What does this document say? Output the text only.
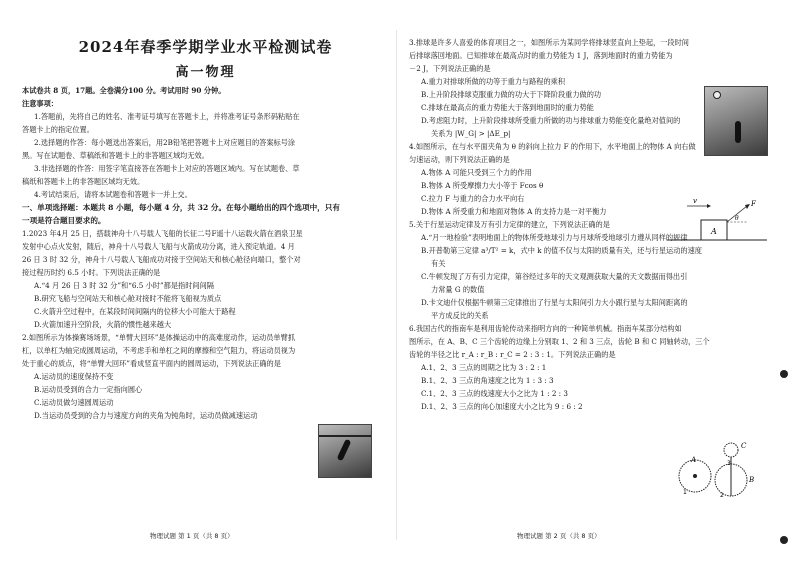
2024年春季学期学业水平检测试卷

高一物理

本试卷共 8 页，17题。全卷满分100 分。考试用时 90 分钟。

注意事项：

1.答题前，先将自己的姓名、准考证号填写在答题卡上，并将准考证号条形码粘贴在

答题卡上的指定位置。

2.选择题的作答：每小题选出答案后，用2B铅笔把答题卡上对应题目的答案标号涂

黑。写在试题卷、草稿纸和答题卡上的非答题区域均无效。

3.非选择题的作答：用签字笔直接答在答题卡上对应的答题区域内。写在试题卷、草

稿纸和答题卡上的非答题区域均无效。

4.考试结束后，请将本试题卷和答题卡一并上交。

一、单项选择题：本题共 8 小题，每小题 4 分，共 32 分。在每小题给出的四个选项中，只有

一项是符合题目要求的。

1.2023 年4月 25 日，搭载神舟十八号载人飞船的长征二号F遥十八运载火箭在酒泉卫星

发射中心点火发射，随后，神舟十八号载人飞船与火箭成功分离，进入预定轨道。4 月

26 日 3 时 32 分，神舟十八号载人飞船成功对接于空间站天和核心舱径向端口，整个对

接过程历时约 6.5 小时。下列说法正确的是

A.“4 月 26 日 3 时 32 分”和“6.5 小时”都是指时间间隔

B.研究飞船与空间站天和核心舱对接时不能将飞船视为质点

C.火箭升空过程中，在某段时间间隔内的位移大小可能大于路程

D.火箭加速升空阶段，火箭的惯性越来越大

2.如图所示为体操赛场场景，“单臂大回环”是体操运动中的高难度动作，运动员单臂抓

杠，以单杠为轴完成圆周运动，不考虑手和单杠之间的摩擦和空气阻力，将运动员视为

处于重心的质点，将“单臂大回环”看成竖直平面内的圆周运动，下列说法正确的是

A.运动员的速度保持不变

B.运动员受到的合力一定指向圆心

C.运动员做匀速圆周运动

D.当运动员受到的合力与速度方向的夹角为钝角时，运动员做减速运动

物理试题 第 1 页（共 8 页）

3.排球是许多人喜爱的体育项目之一，如图所示为某同学将排球竖直向上垫起，一段时间

后排球落回地面。已知排球在最高点时的重力势能为 1 J，落到地面时的重力势能为

－2 J，下列说法正确的是

A.重力对排球所做的功等于重力与路程的乘积

B.上升阶段排球克服重力做的功大于下降阶段重力做的功

C.排球在最高点的重力势能大于落到地面时的重力势能

D.考虑阻力时，上升阶段排球所受重力所做的功与排球重力势能变化量绝对值间的

关系为 |W_G| > |ΔE_p|

4.如图所示，在与水平面夹角为 θ 的斜向上拉力 F 的作用下，水平地面上的物体 A 向右做

匀速运动，则下列说法正确的是

A.物体 A 可能只受到三个力的作用

B.物体 A 所受摩擦力大小等于 Fcos θ

C.拉力 F 与重力的合力水平向右

D.物体 A 所受重力和地面对物体 A 的支持力是一对平衡力

5.关于行星运动定律及万有引力定律的建立，下列说法正确的是

A.“月一地检验”表明地面上的物体所受地球引力与月球所受地球引力遵从同样的规律

B.开普勒第三定律 a³/T² = k，式中 k 的值不仅与太阳的质量有关，还与行星运动的速度

有关

C.牛顿发现了万有引力定律，第谷经过多年的天文观测获取大量的天文数据而得出引

力常量 G 的数值

D.卡文迪什仅根据牛顿第三定律推出了行星与太阳间引力大小跟行星与太阳间距离的

平方成反比的关系

6.我国古代的指南车是利用齿轮传动来指明方向的一种简单机械。指南车某部分结构如

图所示，在 A、B、C 三个齿轮的边缘上分别取 1、2 和 3 三点，齿轮 B 和 C 同轴转动，三个

齿轮的半径之比 r_A : r_B : r_C = 2 : 3 : 1。下列说法正确的是

A.1、2、3 三点的周期之比为 3 : 2 : 1

B.1、2、3 三点的角速度之比为 1 : 3 : 3

C.1、2、3 三点的线速度大小之比为 1 : 2 : 3

D.1、2、3 三点的向心加速度大小之比为 9 : 6 : 2

A
v	F
θ
A
B
C
1	2
3
物理试题 第 2 页（共 8 页）
